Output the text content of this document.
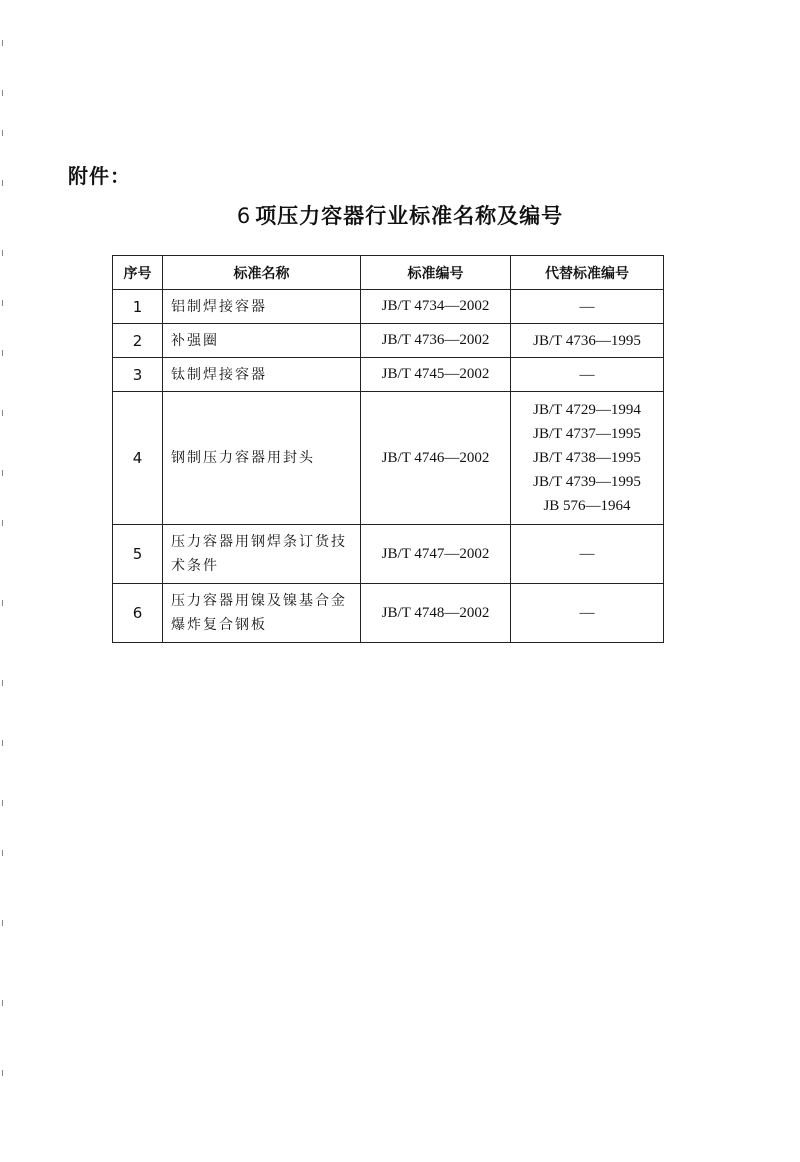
附件：
6 项压力容器行业标准名称及编号
序号	标准名称	标准编号	代替标准编号
1	铝制焊接容器	JB/T 4734—2002	—

2	补强圈	JB/T 4736—2002	JB/T 4736—1995

3	钛制焊接容器	JB/T 4745—2002	—

4	钢制压力容器用封头	JB/T 4746—2002	JB/T 4729—1994
JB/T 4737—1995
JB/T 4738—1995
JB/T 4739—1995
JB 576—1964

5	压力容器用钢焊条订货技术条件	JB/T 4747—2002	—

6	压力容器用镍及镍基合金爆炸复合钢板	JB/T 4748—2002	—
